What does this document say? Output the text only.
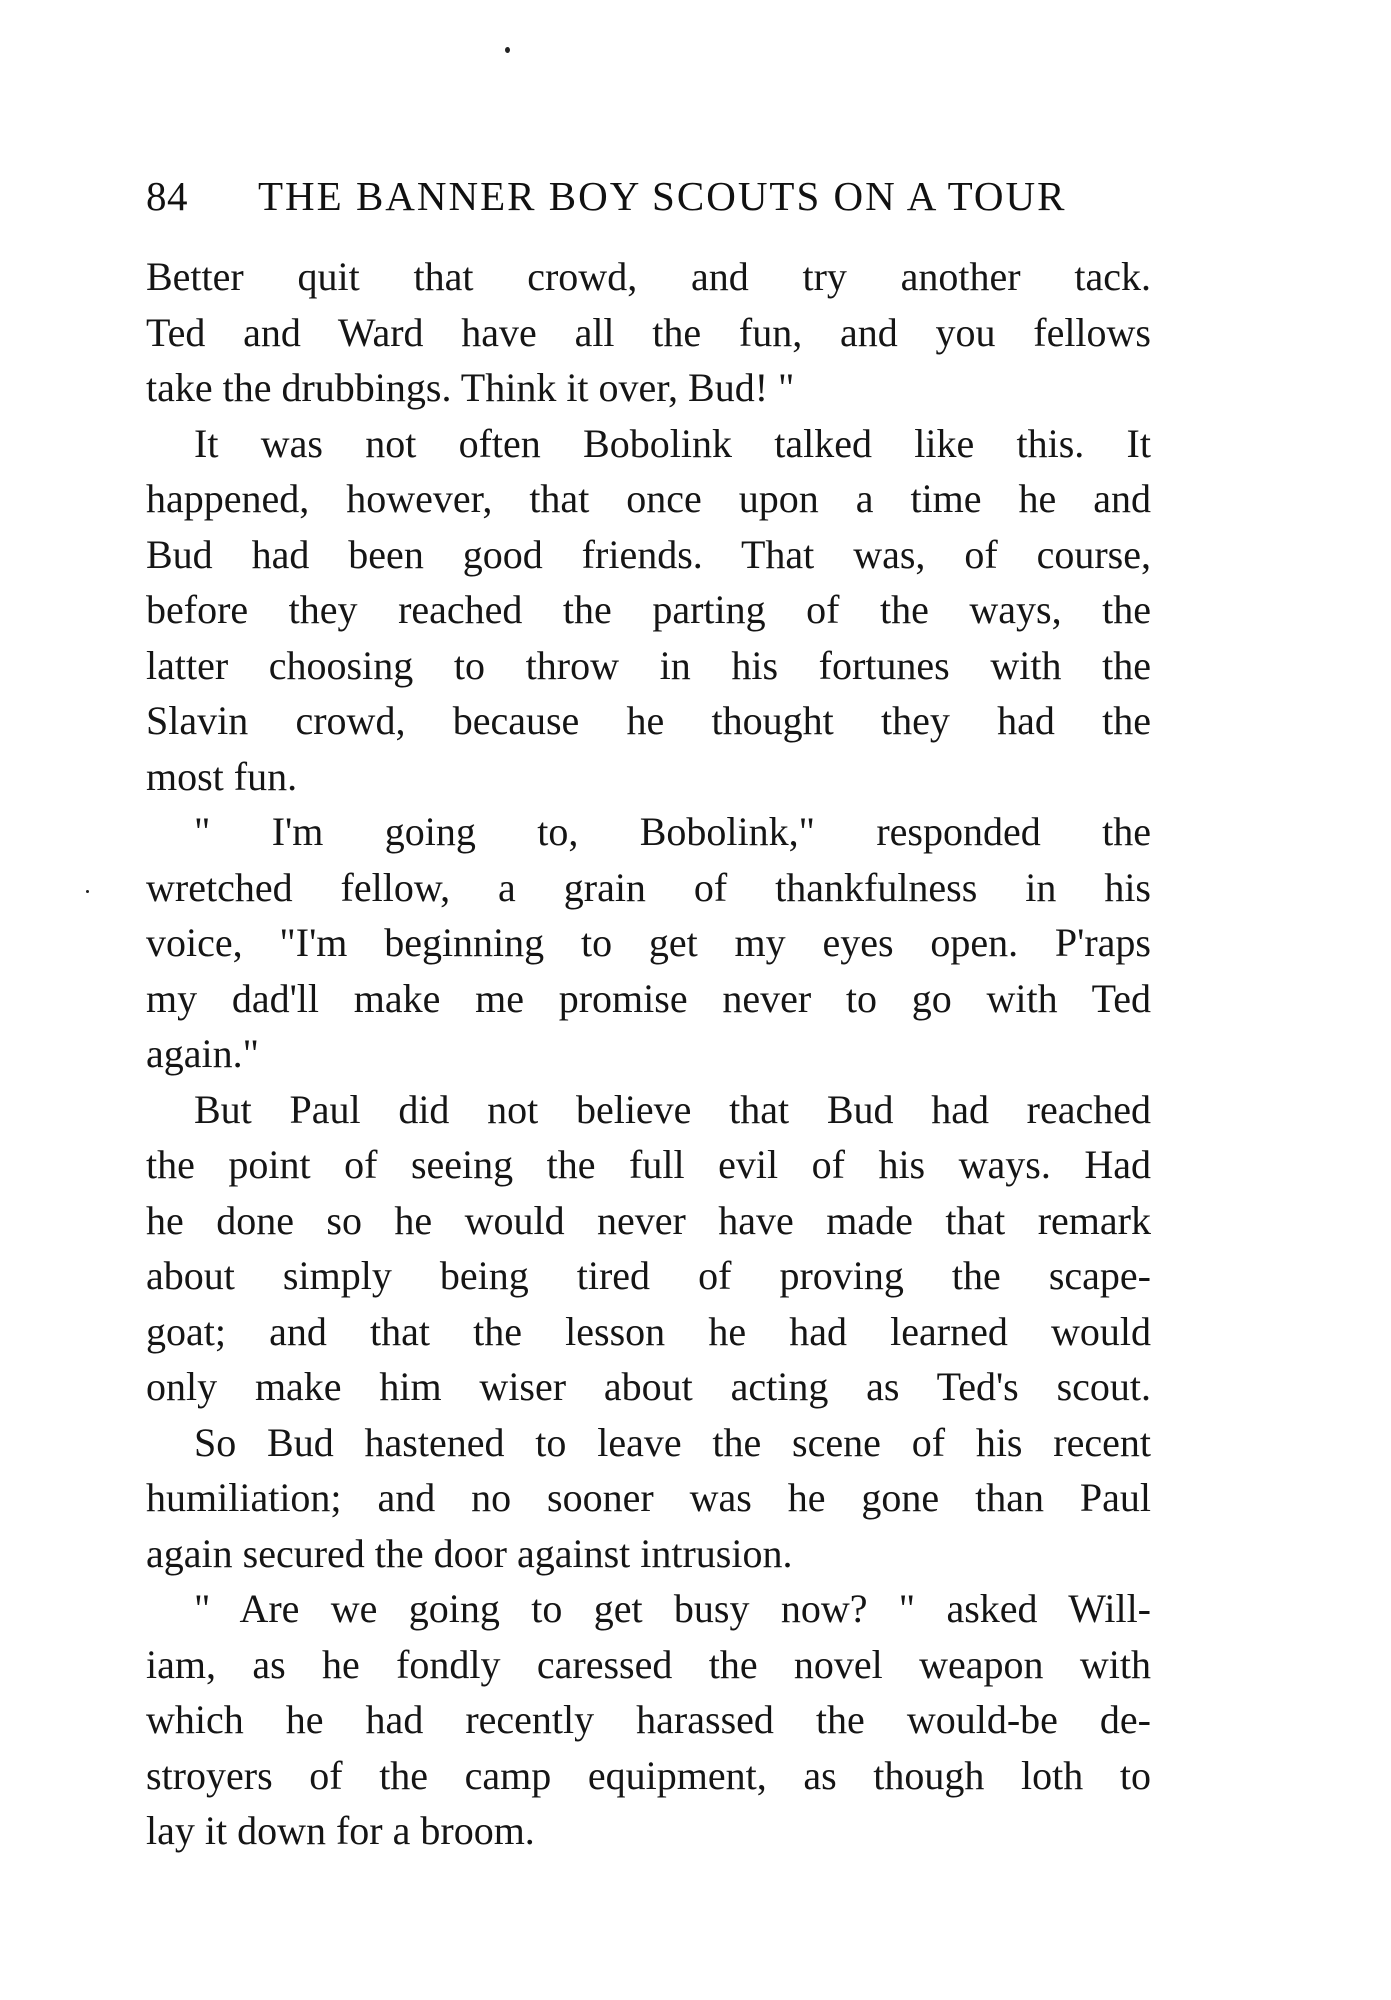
84 THE BANNER BOY SCOUTS ON A TOUR

Better quit that crowd, and try another tack.
Ted and Ward have all the fun, and you fellows
take the drubbings. Think it over, Bud! "

It was not often Bobolink talked like this. It
happened, however, that once upon a time he and
Bud had been good friends. That was, of course,
before they reached the parting of the ways, the
latter choosing to throw in his fortunes with the
Slavin crowd, because he thought they had the
most fun.

" I'm going to, Bobolink," responded the
wretched fellow, a grain of thankfulness in his
voice, "I'm beginning to get my eyes open. P'raps
my dad'll make me promise never to go with Ted
again."

But Paul did not believe that Bud had reached
the point of seeing the full evil of his ways. Had
he done so he would never have made that remark
about simply being tired of proving the scape-
goat; and that the lesson he had learned would
only make him wiser about acting as Ted's scout.

So Bud hastened to leave the scene of his recent
humiliation; and no sooner was he gone than Paul
again secured the door against intrusion.

" Are we going to get busy now? " asked Will-
iam, as he fondly caressed the novel weapon with
which he had recently harassed the would-be de-
stroyers of the camp equipment, as though loth to
lay it down for a broom.
